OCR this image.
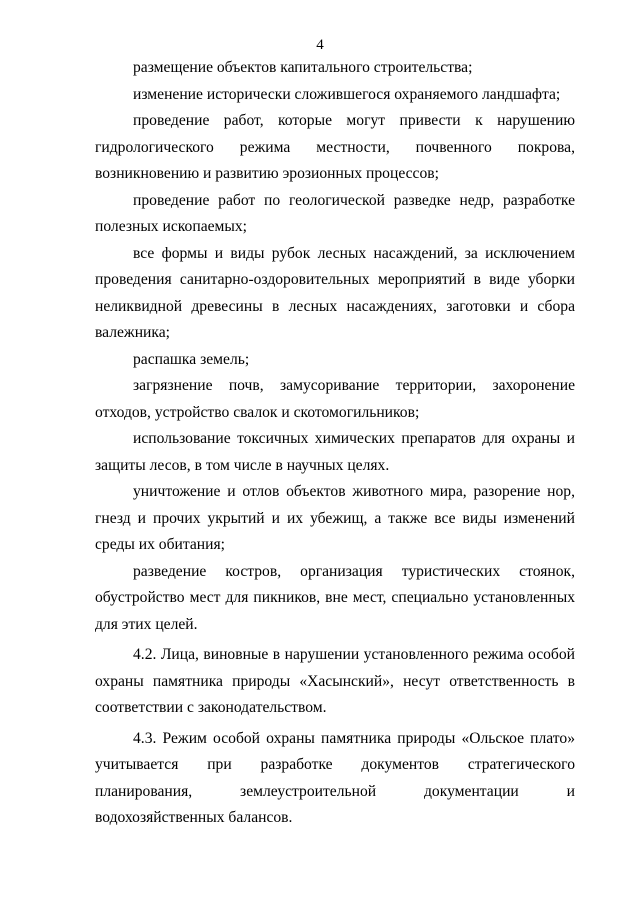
4

размещение объектов капитального строительства;

изменение исторически сложившегося охраняемого ландшафта;

проведение работ, которые могут привести к нарушению гидрологического режима местности, почвенного покрова, возникновению и развитию эрозионных процессов;

проведение работ по геологической разведке недр, разработке полезных ископаемых;

все формы и виды рубок лесных насаждений, за исключением проведения санитарно-оздоровительных мероприятий в виде уборки неликвидной древесины в лесных насаждениях, заготовки и сбора валежника;

распашка земель;

загрязнение почв, замусоривание территории, захоронение отходов, устройство свалок и скотомогильников;

использование токсичных химических препаратов для охраны и защиты лесов, в том числе в научных целях.

уничтожение и отлов объектов животного мира, разорение нор, гнезд и прочих укрытий и их убежищ, а также все виды изменений среды их обитания;

разведение костров, организация туристических стоянок, обустройство мест для пикников, вне мест, специально установленных для этих целей.

4.2. Лица, виновные в нарушении установленного режима особой охраны памятника природы «Хасынский», несут ответственность в соответствии с законодательством.

4.3. Режим особой охраны памятника природы «Ольское плато» учитывается при разработке документов стратегического планирования, землеустроительной документации и водохозяйственных балансов.
